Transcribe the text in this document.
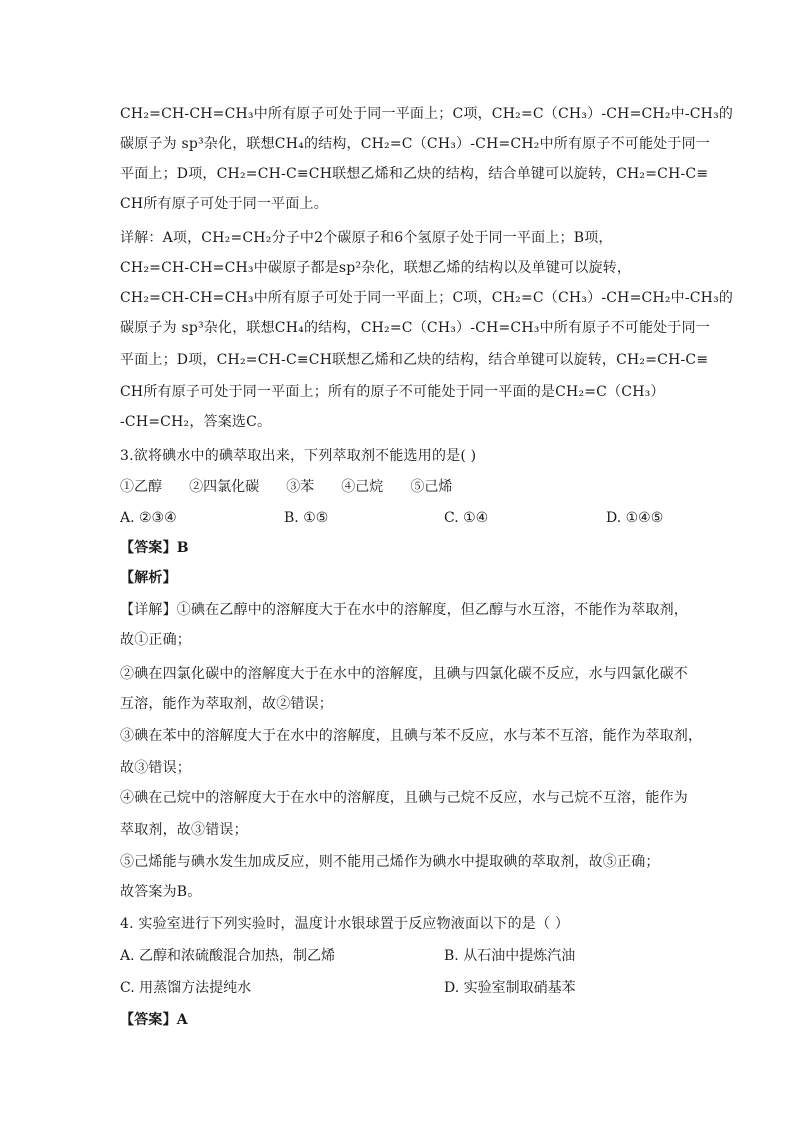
CH₂=CH-CH=CH₃中所有原子可处于同一平面上；C项，CH₂=C（CH₃）-CH=CH₂中-CH₃的
碳原子为 sp³杂化，联想CH₄的结构，CH₂=C（CH₃）-CH=CH₂中所有原子不可能处于同一
平面上；D项，CH₂=CH-C≡CH联想乙烯和乙炔的结构，结合单键可以旋转，CH₂=CH-C≡
CH所有原子可处于同一平面上。
详解：A项，CH₂=CH₂分子中2个碳原子和6个氢原子处于同一平面上；B项，
CH₂=CH-CH=CH₃中碳原子都是sp²杂化，联想乙烯的结构以及单键可以旋转，
CH₂=CH-CH=CH₃中所有原子可处于同一平面上；C项，CH₂=C（CH₃）-CH=CH₂中-CH₃的
碳原子为 sp³杂化，联想CH₄的结构，CH₂=C（CH₃）-CH=CH₃中所有原子不可能处于同一
平面上；D项，CH₂=CH-C≡CH联想乙烯和乙炔的结构，结合单键可以旋转，CH₂=CH-C≡
CH所有原子可处于同一平面上；所有的原子不可能处于同一平面的是CH₂=C（CH₃）
-CH=CH₂，答案选C。
3.欲将碘水中的碘萃取出来，下列萃取剂不能选用的是( )
①乙醇 ②四氯化碳 ③苯 ④己烷 ⑤己烯
A. ②③④	B. ①⑤	C. ①④	D. ①④⑤
【答案】B
【解析】
【详解】①碘在乙醇中的溶解度大于在水中的溶解度，但乙醇与水互溶，不能作为萃取剂，
故①正确；
②碘在四氯化碳中的溶解度大于在水中的溶解度，且碘与四氯化碳不反应，水与四氯化碳不
互溶，能作为萃取剂，故②错误；
③碘在苯中的溶解度大于在水中的溶解度，且碘与苯不反应，水与苯不互溶，能作为萃取剂，
故③错误；
④碘在己烷中的溶解度大于在水中的溶解度，且碘与己烷不反应，水与己烷不互溶，能作为
萃取剂，故③错误；
⑤己烯能与碘水发生加成反应，则不能用己烯作为碘水中提取碘的萃取剂，故⑤正确；
故答案为B。
4. 实验室进行下列实验时，温度计水银球置于反应物液面以下的是（ ）
A. 乙醇和浓硫酸混合加热，制乙烯	B. 从石油中提炼汽油
C. 用蒸馏方法提纯水	D. 实验室制取硝基苯
【答案】A
